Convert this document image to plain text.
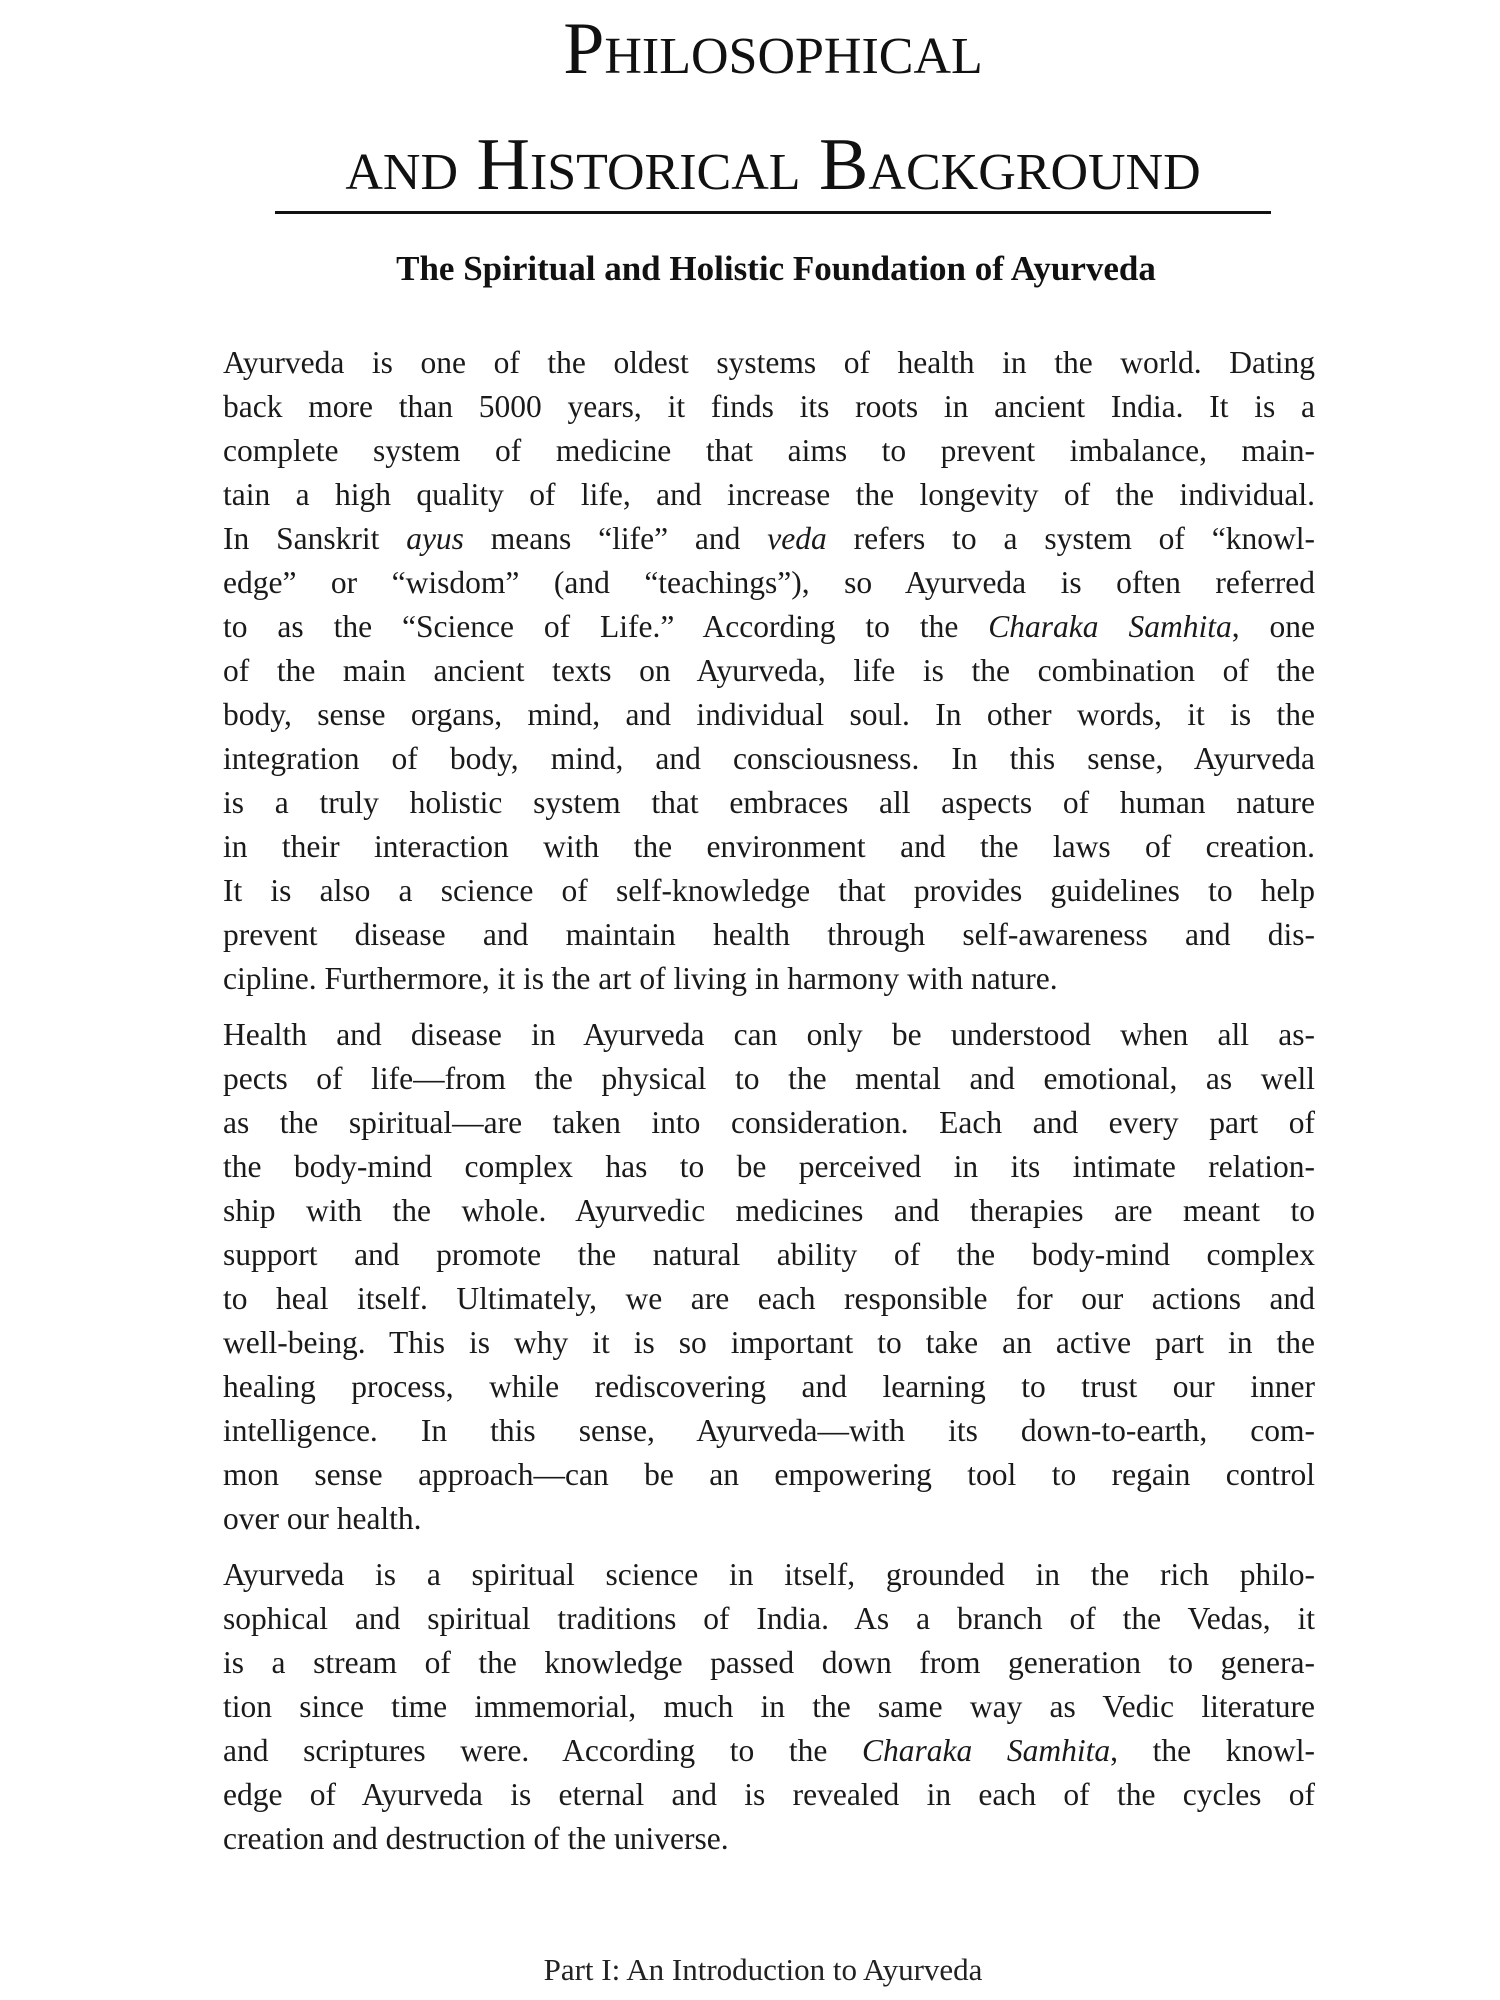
Philosophical
and Historical Background
The Spiritual and Holistic Foundation of Ayurveda
Ayurveda is one of the oldest systems of health in the world. Dating
back more than 5000 years, it finds its roots in ancient India. It is a
complete system of medicine that aims to prevent imbalance, main-
tain a high quality of life, and increase the longevity of the individual.
In Sanskrit ayus means “life” and veda refers to a system of “knowl-
edge” or “wisdom” (and “teachings”), so Ayurveda is often referred
to as the “Science of Life.” According to the Charaka Samhita, one
of the main ancient texts on Ayurveda, life is the combination of the
body, sense organs, mind, and individual soul. In other words, it is the
integration of body, mind, and consciousness. In this sense, Ayurveda
is a truly holistic system that embraces all aspects of human nature
in their interaction with the environment and the laws of creation.
It is also a science of self-knowledge that provides guidelines to help
prevent disease and maintain health through self-awareness and dis-
cipline. Furthermore, it is the art of living in harmony with nature.
Health and disease in Ayurveda can only be understood when all as-
pects of life—from the physical to the mental and emotional, as well
as the spiritual—are taken into consideration. Each and every part of
the body-mind complex has to be perceived in its intimate relation-
ship with the whole. Ayurvedic medicines and therapies are meant to
support and promote the natural ability of the body-mind complex
to heal itself. Ultimately, we are each responsible for our actions and
well-being. This is why it is so important to take an active part in the
healing process, while rediscovering and learning to trust our inner
intelligence. In this sense, Ayurveda—with its down-to-earth, com-
mon sense approach—can be an empowering tool to regain control
over our health.
Ayurveda is a spiritual science in itself, grounded in the rich philo-
sophical and spiritual traditions of India. As a branch of the Vedas, it
is a stream of the knowledge passed down from generation to genera-
tion since time immemorial, much in the same way as Vedic literature
and scriptures were. According to the Charaka Samhita, the knowl-
edge of Ayurveda is eternal and is revealed in each of the cycles of
creation and destruction of the universe.
Part I: An Introduction to Ayurveda
